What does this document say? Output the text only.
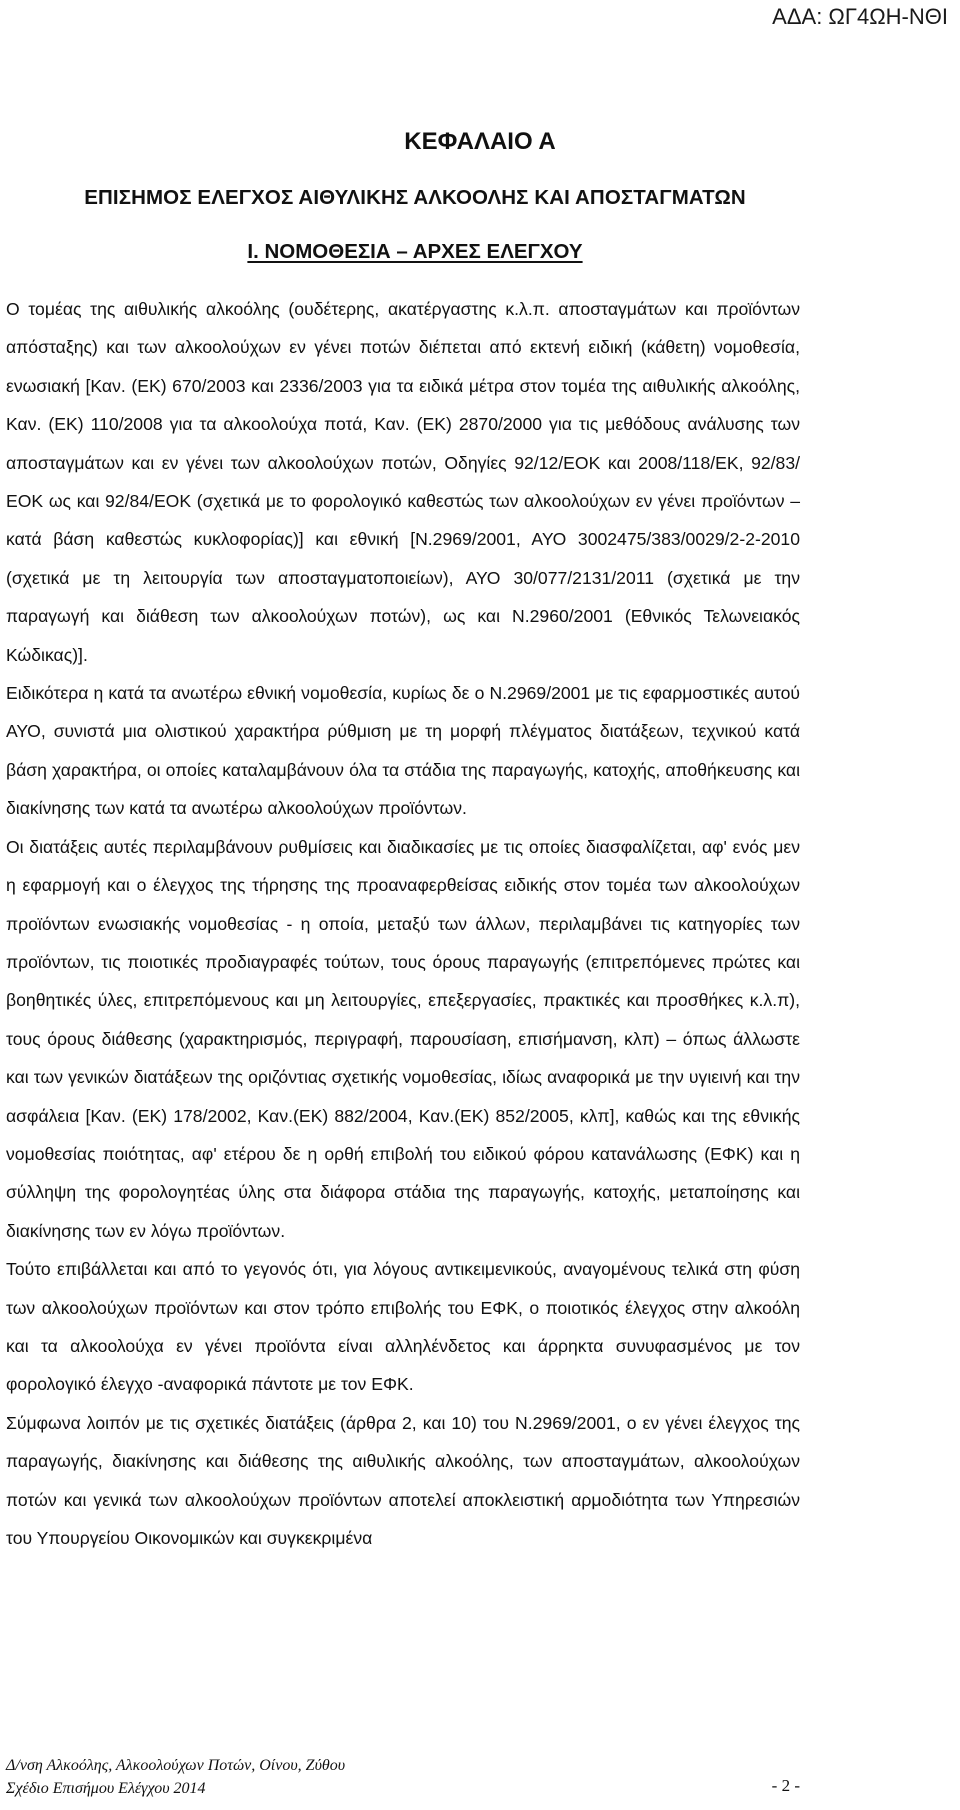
ΑΔΑ: ΩΓ4ΩΗ-ΝΘΙ
ΚΕΦΑΛΑΙΟ Α
ΕΠΙΣΗΜΟΣ ΕΛΕΓΧΟΣ ΑΙΘΥΛΙΚΗΣ ΑΛΚΟΟΛΗΣ ΚΑΙ ΑΠΟΣΤΑΓΜΑΤΩΝ
Ι. ΝΟΜΟΘΕΣΙΑ – ΑΡΧΕΣ ΕΛΕΓΧΟΥ

Ο τομέας της αιθυλικής αλκοόλης (ουδέτερης, ακατέργαστης κ.λ.π. αποσταγμάτων και προϊόντων απόσταξης) και των αλκοολούχων εν γένει ποτών διέπεται από εκτενή ειδική (κάθετη) νομοθεσία, ενωσιακή [Καν. (ΕΚ) 670/2003 και 2336/2003 για τα ειδικά μέτρα στον τομέα της αιθυλικής αλκοόλης, Καν. (ΕΚ) 110/2008 για τα αλκοολούχα ποτά, Καν. (ΕΚ) 2870/2000 για τις μεθόδους ανάλυσης των αποσταγμάτων και εν γένει των αλκοολούχων ποτών, Οδηγίες 92/12/ΕΟΚ και 2008/118/ΕΚ, 92/83/ΕΟΚ ως και 92/84/ΕΟΚ (σχετικά με το φορολογικό καθεστώς των αλκοολούχων εν γένει προϊόντων – κατά βάση καθεστώς κυκλοφορίας)] και εθνική [Ν.2969/2001, ΑΥΟ 3002475/383/0029/2-2-2010 (σχετικά με τη λειτουργία των αποσταγματοποιείων), ΑΥΟ 30/077/2131/2011 (σχετικά με την παραγωγή και διάθεση των αλκοολούχων ποτών), ως και Ν.2960/2001 (Εθνικός Τελωνειακός Κώδικας)].

Ειδικότερα η κατά τα ανωτέρω εθνική νομοθεσία, κυρίως δε ο Ν.2969/2001 με τις εφαρμοστικές αυτού ΑΥΟ, συνιστά μια ολιστικού χαρακτήρα ρύθμιση με τη μορφή πλέγματος διατάξεων, τεχνικού κατά βάση χαρακτήρα, οι οποίες καταλαμβάνουν όλα τα στάδια της παραγωγής, κατοχής, αποθήκευσης και διακίνησης των κατά τα ανωτέρω αλκοολούχων προϊόντων.

Οι διατάξεις αυτές περιλαμβάνουν ρυθμίσεις και διαδικασίες με τις οποίες διασφαλίζεται, αφ' ενός μεν η εφαρμογή και ο έλεγχος της τήρησης της προαναφερθείσας ειδικής στον τομέα των αλκοολούχων προϊόντων ενωσιακής νομοθεσίας - η οποία, μεταξύ των άλλων, περιλαμβάνει τις κατηγορίες των προϊόντων, τις ποιοτικές προδιαγραφές τούτων, τους όρους παραγωγής (επιτρεπόμενες πρώτες και βοηθητικές ύλες, επιτρεπόμενους και μη λειτουργίες, επεξεργασίες, πρακτικές και προσθήκες κ.λ.π), τους όρους διάθεσης (χαρακτηρισμός, περιγραφή, παρουσίαση, επισήμανση, κλπ) – όπως άλλωστε και των γενικών διατάξεων της οριζόντιας σχετικής νομοθεσίας, ιδίως αναφορικά με την υγιεινή και την ασφάλεια [Καν. (ΕΚ) 178/2002, Καν.(ΕΚ) 882/2004, Καν.(ΕΚ) 852/2005, κλπ], καθώς και της εθνικής νομοθεσίας ποιότητας, αφ' ετέρου δε η ορθή επιβολή του ειδικού φόρου κατανάλωσης (ΕΦΚ) και η σύλληψη της φορολογητέας ύλης στα διάφορα στάδια της παραγωγής, κατοχής, μεταποίησης και διακίνησης των εν λόγω προϊόντων.

Τούτο επιβάλλεται και από το γεγονός ότι, για λόγους αντικειμενικούς, αναγομένους τελικά στη φύση των αλκοολούχων προϊόντων και στον τρόπο επιβολής του ΕΦΚ, ο ποιοτικός έλεγχος στην αλκοόλη και τα αλκοολούχα εν γένει προϊόντα είναι αλληλένδετος και άρρηκτα συνυφασμένος με τον φορολογικό έλεγχο -αναφορικά πάντοτε με τον ΕΦΚ.

Σύμφωνα λοιπόν με τις σχετικές διατάξεις (άρθρα 2, και 10) του Ν.2969/2001, ο εν γένει έλεγχος της παραγωγής, διακίνησης και διάθεσης της αιθυλικής αλκοόλης, των αποσταγμάτων, αλκοολούχων ποτών και γενικά των αλκοολούχων προϊόντων αποτελεί αποκλειστική αρμοδιότητα των Υπηρεσιών του Υπουργείου Οικονομικών και συγκεκριμένα

Δ/νση Αλκοόλης, Αλκοολούχων Ποτών, Οίνου, Ζύθου
Σχέδιο Επισήμου Ελέγχου 2014	- 2 -
